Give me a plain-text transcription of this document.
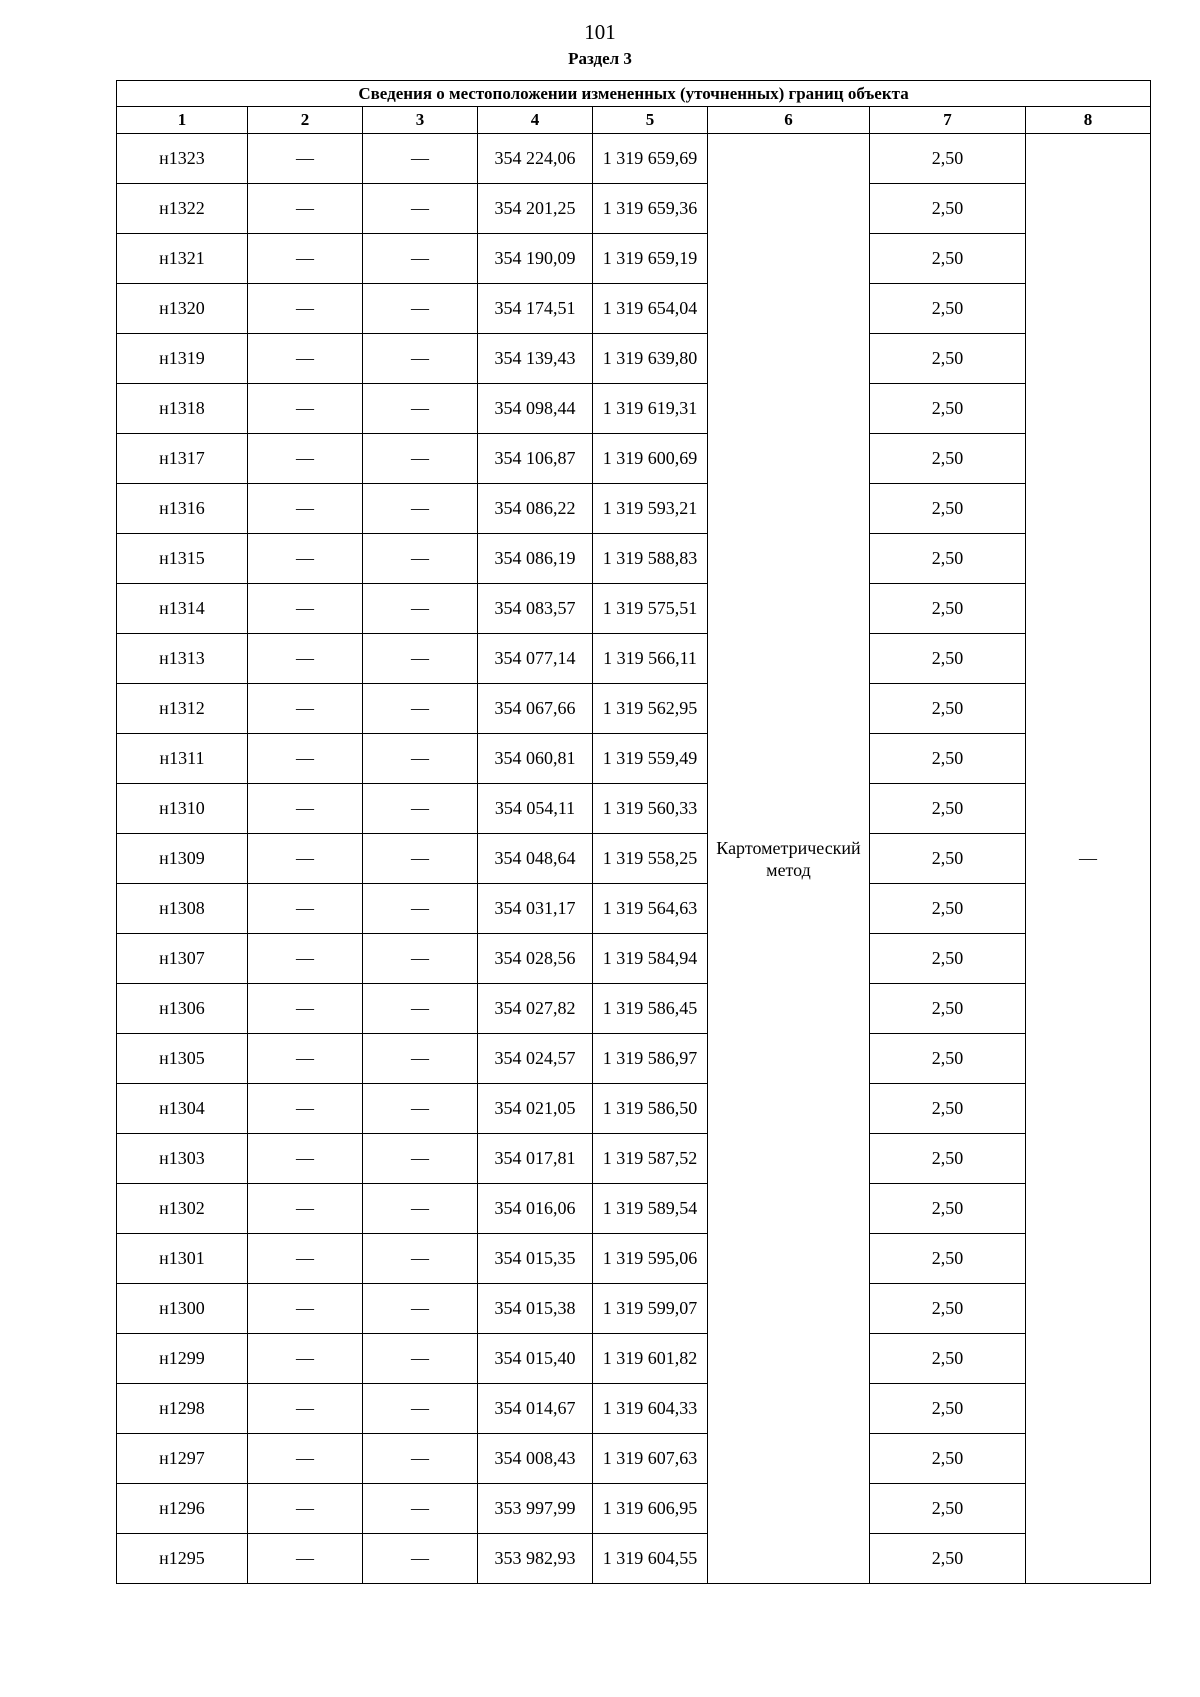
101
Раздел 3
Сведения о местоположении измененных (уточненных) границ объекта							
1	2	3	4	5	6	7	8
н1323	—	—	354 224,06	1 319 659,69	Картометрический метод	2,50	—
н1322	—	—	354 201,25	1 319 659,36		2,50	
н1321	—	—	354 190,09	1 319 659,19		2,50	
н1320	—	—	354 174,51	1 319 654,04		2,50	
н1319	—	—	354 139,43	1 319 639,80		2,50	
н1318	—	—	354 098,44	1 319 619,31		2,50	
н1317	—	—	354 106,87	1 319 600,69		2,50	
н1316	—	—	354 086,22	1 319 593,21		2,50	
н1315	—	—	354 086,19	1 319 588,83		2,50	
н1314	—	—	354 083,57	1 319 575,51		2,50	
н1313	—	—	354 077,14	1 319 566,11		2,50	
н1312	—	—	354 067,66	1 319 562,95		2,50	
н1311	—	—	354 060,81	1 319 559,49		2,50	
н1310	—	—	354 054,11	1 319 560,33		2,50	
н1309	—	—	354 048,64	1 319 558,25		2,50	
н1308	—	—	354 031,17	1 319 564,63		2,50	
н1307	—	—	354 028,56	1 319 584,94		2,50	
н1306	—	—	354 027,82	1 319 586,45		2,50	
н1305	—	—	354 024,57	1 319 586,97		2,50	
н1304	—	—	354 021,05	1 319 586,50		2,50	
н1303	—	—	354 017,81	1 319 587,52		2,50	
н1302	—	—	354 016,06	1 319 589,54		2,50	
н1301	—	—	354 015,35	1 319 595,06		2,50	
н1300	—	—	354 015,38	1 319 599,07		2,50	
н1299	—	—	354 015,40	1 319 601,82		2,50	
н1298	—	—	354 014,67	1 319 604,33		2,50	
н1297	—	—	354 008,43	1 319 607,63		2,50	
н1296	—	—	353 997,99	1 319 606,95		2,50	
н1295	—	—	353 982,93	1 319 604,55		2,50	
